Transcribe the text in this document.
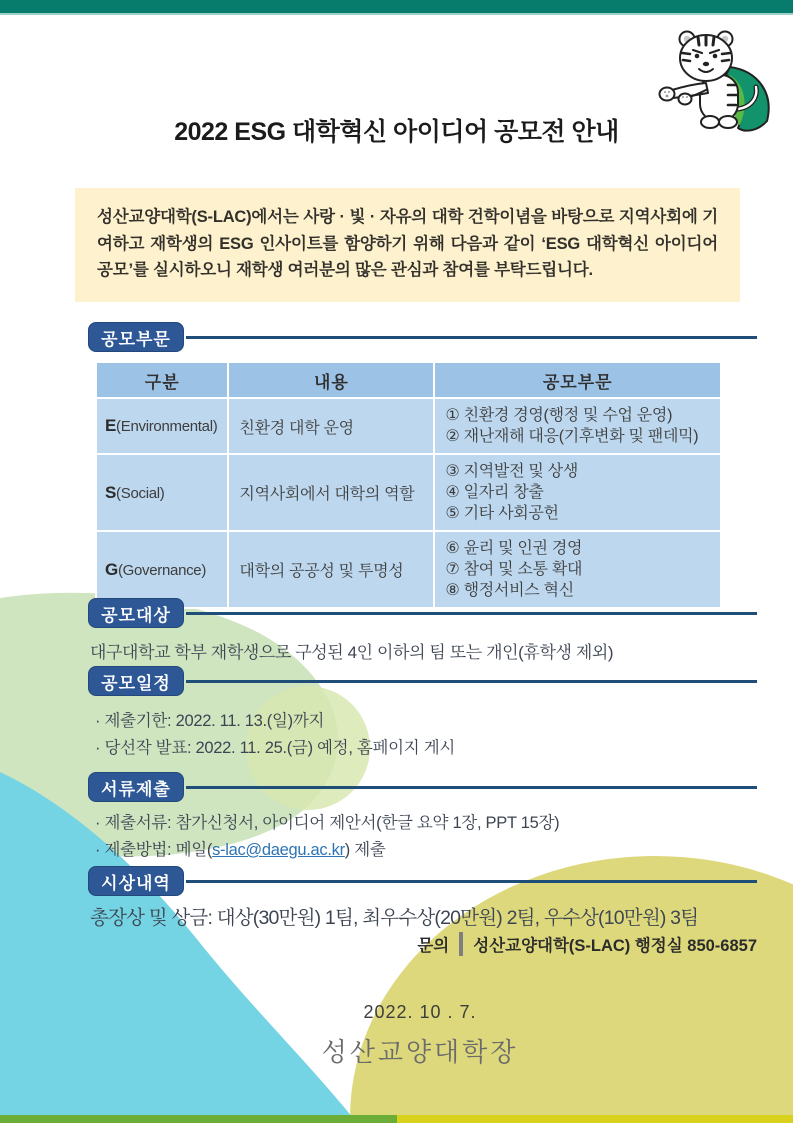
2022 ESG 대학혁신 아이디어 공모전 안내
성산교양대학(S-LAC)에서는 사랑 · 빛 · 자유의 대학 건학이념을 바탕으로 지역사회에 기여하고 재학생의 ESG 인사이트를 함양하기 위해 다음과 같이 ‘ESG 대학혁신 아이디어 공모’를 실시하오니 재학생 여러분의 많은 관심과 참여를 부탁드립니다.
공모부문
구분	내용	공모부문
E(Environmental)	친환경 대학 운영	① 친환경 경영(행정 및 수업 운영)
② 재난재해 대응(기후변화 및 팬데믹)

S(Social)	지역사회에서 대학의 역할	③ 지역발전 및 상생
④ 일자리 창출
⑤ 기타 사회공헌

G(Governance)	대학의 공공성 및 투명성	⑥ 윤리 및 인권 경영
⑦ 참여 및 소통 확대
⑧ 행정서비스 혁신
공모대상
대구대학교 학부 재학생으로 구성된 4인 이하의 팀 또는 개인(휴학생 제외)
공모일정
· 제출기한: 2022. 11. 13.(일)까지
· 당선작 발표: 2022. 11. 25.(금) 예정, 홈페이지 게시
서류제출
· 제출서류: 참가신청서, 아이디어 제안서(한글 요약 1장, PPT 15장)
· 제출방법: 메일(s-lac@daegu.ac.kr) 제출
시상내역
총장상 및 상금: 대상(30만원) 1팀, 최우수상(20만원) 2팀, 우수상(10만원) 3팀
문의 성산교양대학(S-LAC) 행정실 850-6857
2022. 10 . 7.
성산교양대학장
